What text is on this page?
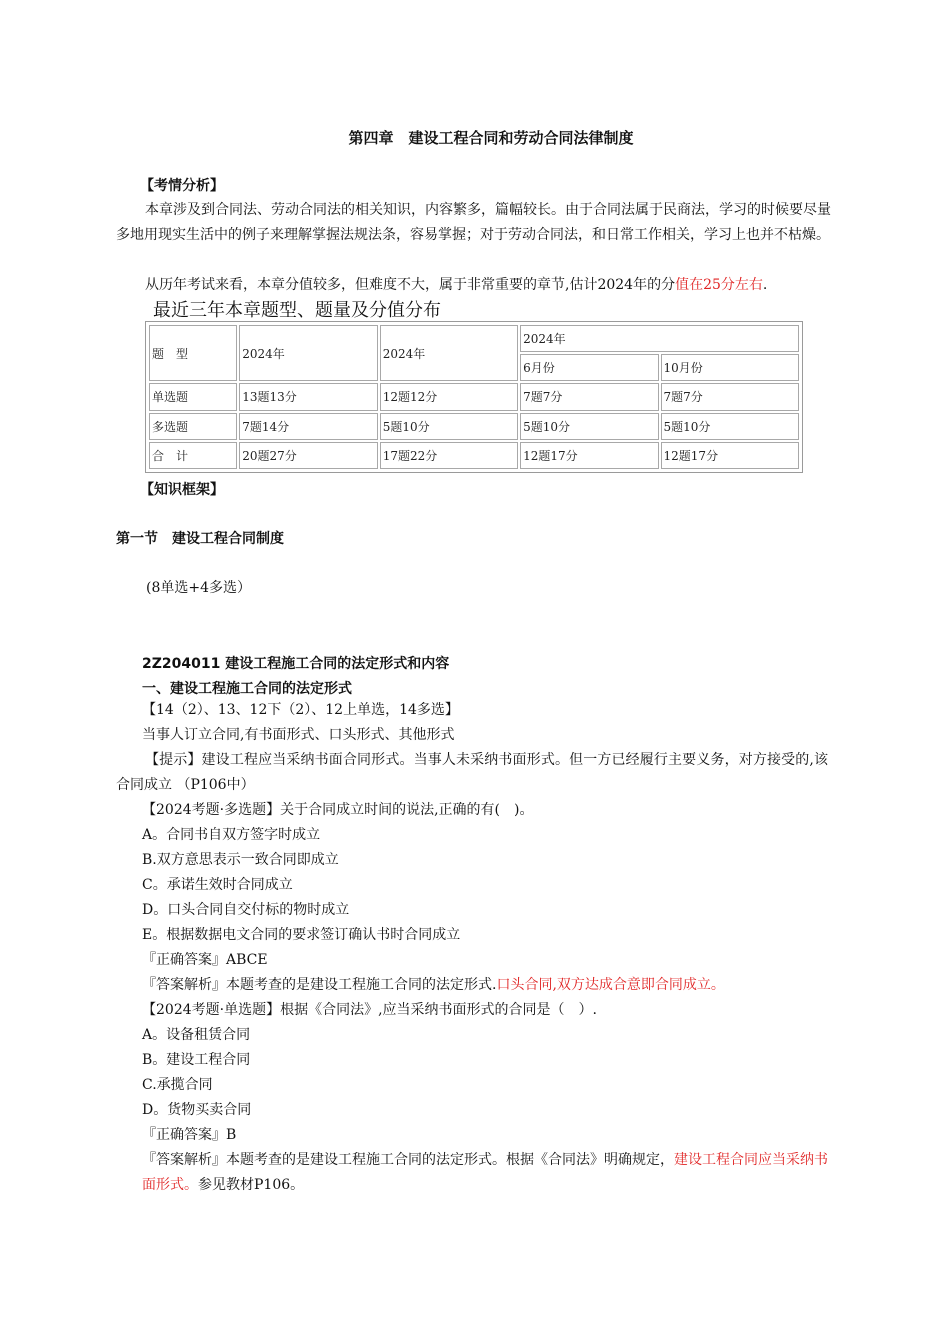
第四章　建设工程合同和劳动合同法律制度
【考情分析】

本章涉及到合同法、劳动合同法的相关知识，内容繁多，篇幅较长。由于合同法属于民商法，学习的时候要尽量多地用现实生活中的例子来理解掌握法规法条，容易掌握；对于劳动合同法，和日常工作相关，学习上也并不枯燥。

从历年考试来看，本章分值较多，但难度不大，属于非常重要的章节,估计2024年的分值在25分左右.

最近三年本章题型、题量及分值分布
题　型	2024年	2024年	2024年	
			6月份	10月份
单选题	13题13分	12题12分	7题7分	7题7分
多选题	7题14分	5题10分	5题10分	5题10分
合　计	20题27分	17题22分	12题17分	12题17分
【知识框架】
第一节　建设工程合同制度
(8单选+4多选）
2Z204011 建设工程施工合同的法定形式和内容
一、建设工程施工合同的法定形式
【14（2）、13、12下（2）、12上单选，14多选】
当事人订立合同,有书面形式、口头形式、其他形式

【提示】建设工程应当采纳书面合同形式。当事人未采纳书面形式。但一方已经履行主要义务，对方接受的,该合同成立 （P106中）

【2024考题·多选题】关于合同成立时间的说法,正确的有(　)。
A。合同书自双方签字时成立
B.双方意思表示一致合同即成立
C。承诺生效时合同成立
D。口头合同自交付标的物时成立
E。根据数据电文合同的要求签订确认书时合同成立
『正确答案』ABCE
『答案解析』本题考查的是建设工程施工合同的法定形式.口头合同,双方达成合意即合同成立。
【2024考题·单选题】根据《合同法》,应当采纳书面形式的合同是（　）.
A。设备租赁合同
B。建设工程合同
C.承揽合同
D。货物买卖合同
『正确答案』B

『答案解析』本题考查的是建设工程施工合同的法定形式。根据《合同法》明确规定，建设工程合同应当采纳书面形式。参见教材P106。
